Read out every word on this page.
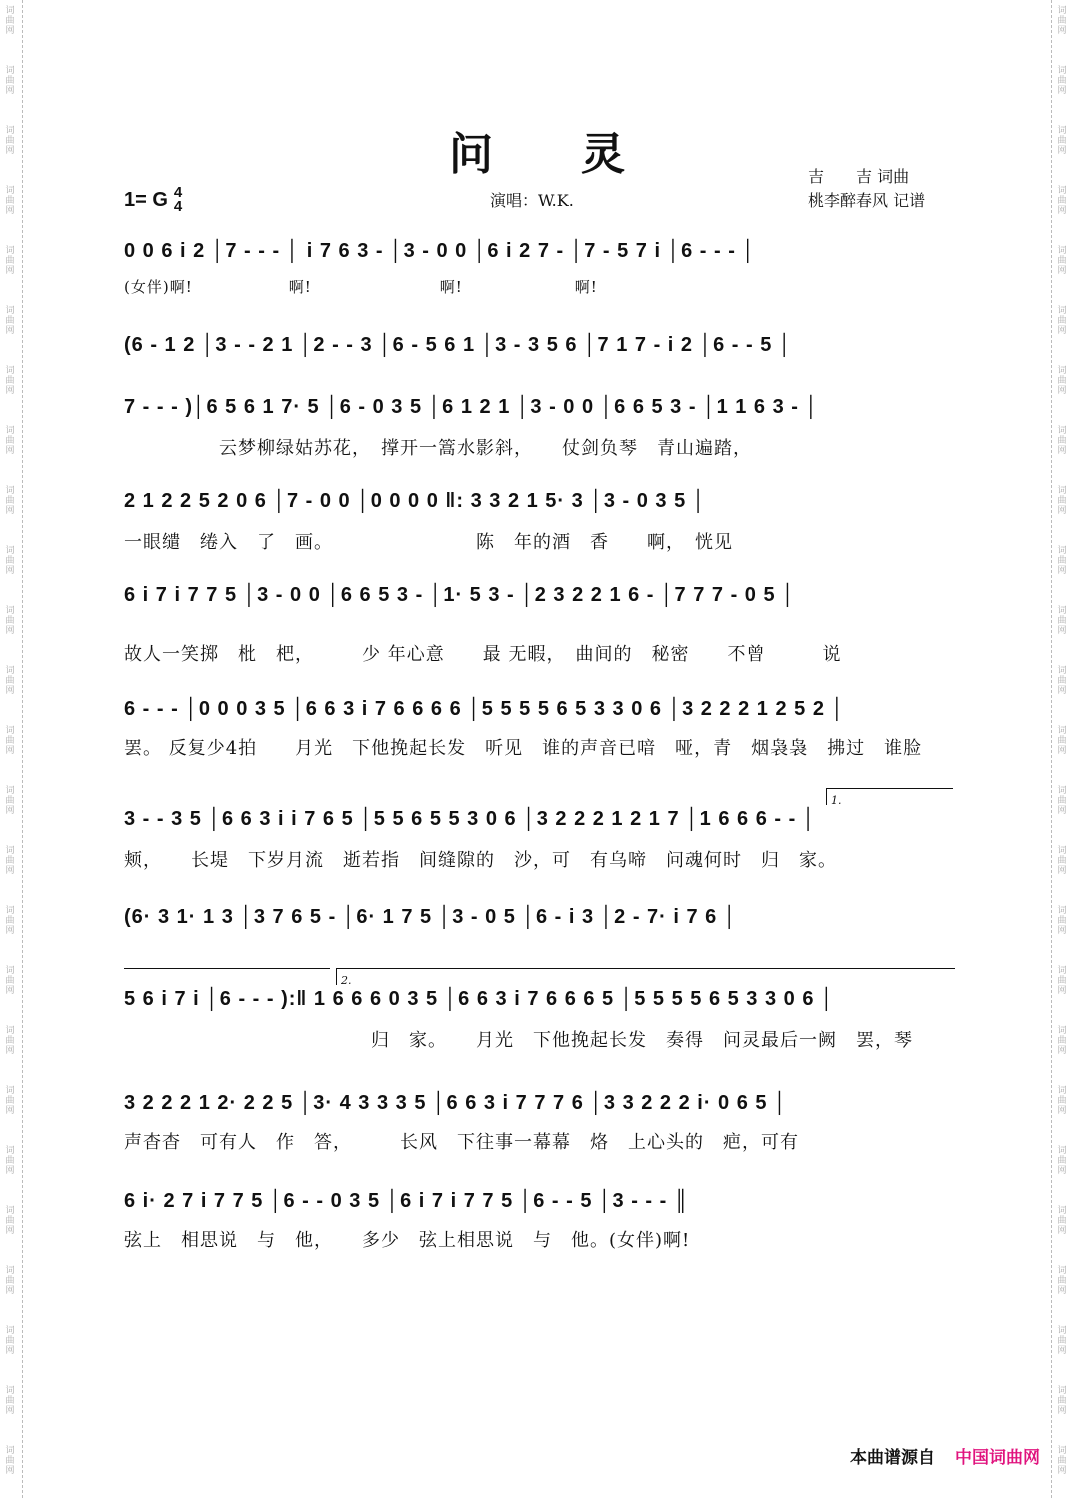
词
曲
网
词
曲
网
词
曲
网
词
曲
网
词
曲
网
词
曲
网
词
曲
网
词
曲
网
词
曲
网
词
曲
网
词
曲
网
词
曲
网
词
曲
网
词
曲
网
词
曲
网
词
曲
网
词
曲
网
词
曲
网
词
曲
网
词
曲
网
词
曲
网
词
曲
网
词
曲
网
词
曲
网
词
曲
网
词
曲
网
词
曲
网
词
曲
网
词
曲
网
词
曲
网
词
曲
网
词
曲
网
词
曲
网
词
曲
网
词
曲
网
词
曲
网
词
曲
网
词
曲
网
词
曲
网
词
曲
网
词
曲
网
词
曲
网
词
曲
网
词
曲
网
词
曲
网
词
曲
网
词
曲
网
词
曲
网
词
曲
网
词
曲
网
问　　灵
1= G 4
4	演唱：W.K.
吉　　吉 词曲
桃李醉春风 记谱
0 0 6 i 2 │7 - - - │ i 7 6 3 - │3 - 0 0 │6 i 2 7 - │7 - 5 7 i │6 - - - │
(女伴)啊!　　　　　　啊!　　　　　　　　啊!　　　　　　　啊!
(6 - 1 2 │3 - - 2 1 │2 - - 3 │6 - 5 6 1 │3 - 3 5 6 │7 1 7 - i 2 │6 - - 5 │
7 - - - )│6 5 6 1 7· 5 │6 - 0 3 5 │6 1 2 1 │3 - 0 0 │6 6 5 3 - │1 1 6 3 - │
　　　　　云梦柳绿姑苏花，　撑开一篙水影斜，　　仗剑负琴　青山遍踏，
2 1 2 2 5 2 0 6 │7 - 0 0 │0 0 0 0 ‖: 3 3 2 1 5· 3 │3 - 0 3 5 │
一眼缱　绻入　了　画。　　　　　　　　陈　年的酒　香　　啊，　恍见
6 i 7 i 7 7 5 │3 - 0 0 │6 6 5 3 - │1· 5 3 - │2 3 2 2 1 6 - │7 7 7 - 0 5 │
故人一笑掷　枇　杷，　　　少 年心意　　最 无暇，　曲间的　秘密　　不曾　　　说
6 - - - │0 0 0 3 5 │6 6 3 i 7 6 6 6 6 │5 5 5 5 6 5 3 3 0 6 │3 2 2 2 1 2 5 2 │
罢。 反复少4拍　　月光　下他挽起长发　听见　谁的声音已喑　哑，青　烟袅袅　拂过　谁脸
1.
3 - - 3 5 │6 6 3 i i 7 6 5 │5 5 6 5 5 3 0 6 │3 2 2 2 1 2 1 7 │1 6 6 6 - - │
颊，　　长堤　下岁月流　逝若指　间缝隙的　沙，可　有乌啼　问魂何时　归　家。
(6· 3 1· 1 3 │3 7 6 5 - │6· 1 7 5 │3 - 0 5 │6 - i 3 │2 - 7· i 7 6 │
2.
5 6 i 7 i │6 - - - ):‖ 1 6 6 6 0 3 5 │6 6 3 i 7 6 6 6 5 │5 5 5 5 6 5 3 3 0 6 │
　　　　　　　　　　　　　归　家。　　月光　下他挽起长发　奏得　问灵最后一阙　罢，琴
3 2 2 2 1 2· 2 2 5 │3· 4 3 3 3 5 │6 6 3 i 7 7 7 6 │3 3 2 2 2 i· 0 6 5 │
声杳杳　可有人　作　答，　　　长风　下往事一幕幕　烙　上心头的　疤，可有
6 i· 2 7 i 7 7 5 │6 - - 0 3 5 │6 i 7 i 7 7 5 │6 - - 5 │3 - - - ║
弦上　相思说　与　他，　　多少　弦上相思说　与　他。(女伴)啊!
本曲谱源自 中国词曲网
